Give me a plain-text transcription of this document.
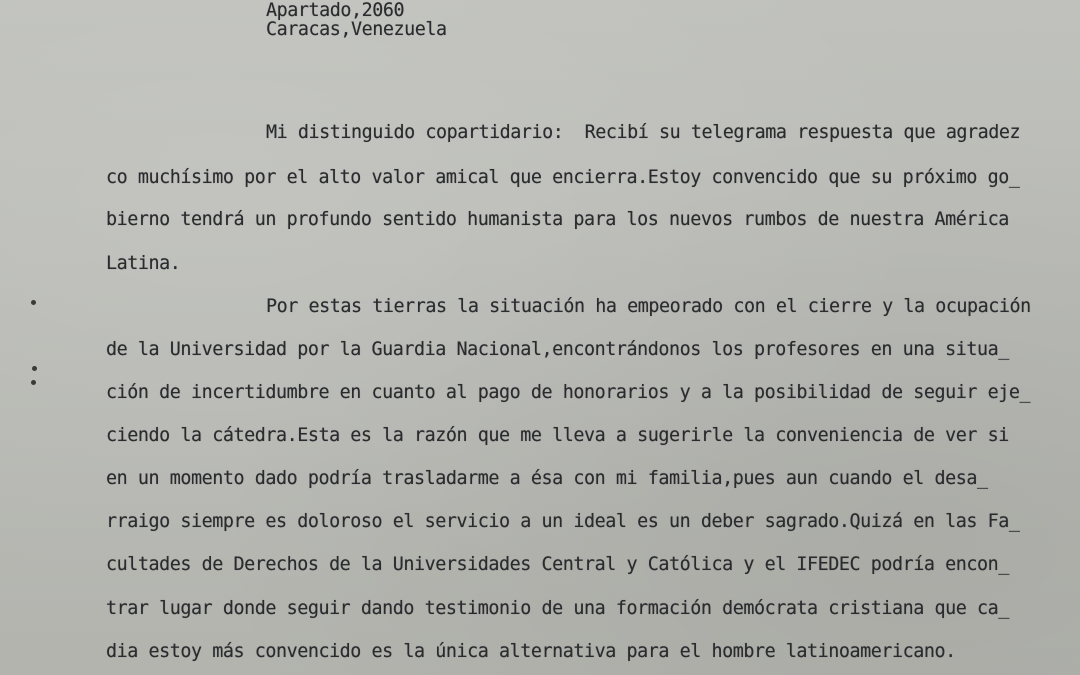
Apartado,2060
Caracas,Venezuela
Mi distinguido copartidario:  Recibí su telegrama respuesta que agradez
co muchísimo por el alto valor amical que encierra.Estoy convencido que su próximo go_
bierno tendrá un profundo sentido humanista para los nuevos rumbos de nuestra América
Latina.
Por estas tierras la situación ha empeorado con el cierre y la ocupación
de la Universidad por la Guardia Nacional,encontrándonos los profesores en una situa_
ción de incertidumbre en cuanto al pago de honorarios y a la posibilidad de seguir eje_
ciendo la cátedra.Esta es la razón que me lleva a sugerirle la conveniencia de ver si
en un momento dado podría trasladarme a ésa con mi familia,pues aun cuando el desa_
rraigo siempre es doloroso el servicio a un ideal es un deber sagrado.Quizá en las Fa_
cultades de Derechos de la Universidades Central y Católica y el IFEDEC podría encon_
trar lugar donde seguir dando testimonio de una formación demócrata cristiana que ca_
dia estoy más convencido es la única alternativa para el hombre latinoamericano.
